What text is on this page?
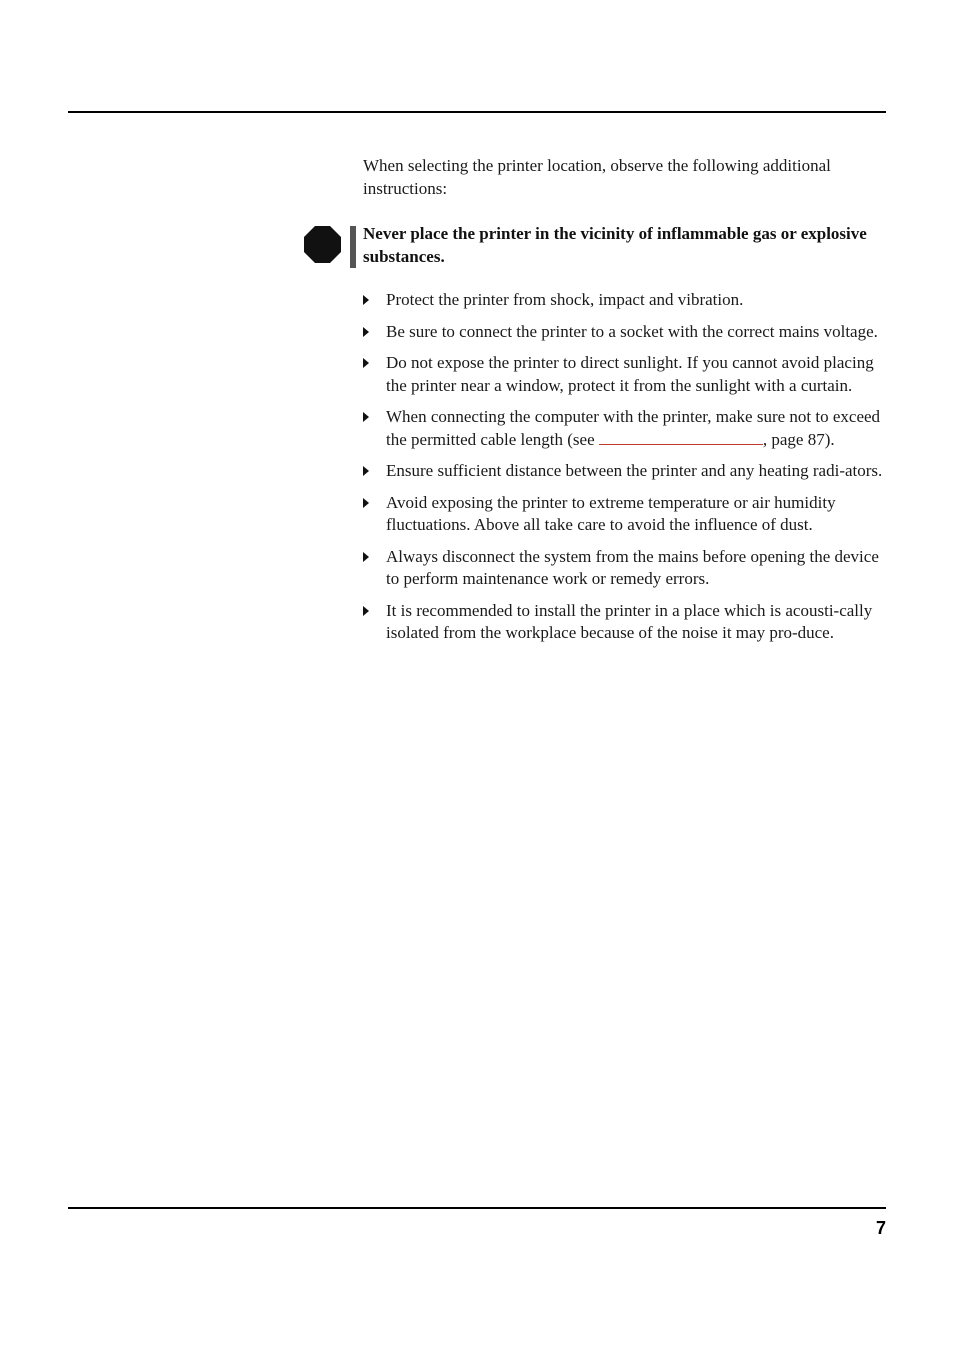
When selecting the printer location, observe the following additional instructions:

Never place the printer in the vicinity of inflammable gas or explosive substances.

Protect the printer from shock, impact and vibration.
Be sure to connect the printer to a socket with the correct mains voltage.
Do not expose the printer to direct sunlight. If you cannot avoid placing the printer near a window, protect it from the sunlight with a curtain.
When connecting the computer with the printer, make sure not to exceed the permitted cable length (see	, page 87).
Ensure sufficient distance between the printer and any heating radi-ators.
Avoid exposing the printer to extreme temperature or air humidity fluctuations. Above all take care to avoid the influence of dust.
Always disconnect the system from the mains before opening the device to perform maintenance work or remedy errors.
It is recommended to install the printer in a place which is acousti-cally isolated from the workplace because of the noise it may pro-duce.
7
